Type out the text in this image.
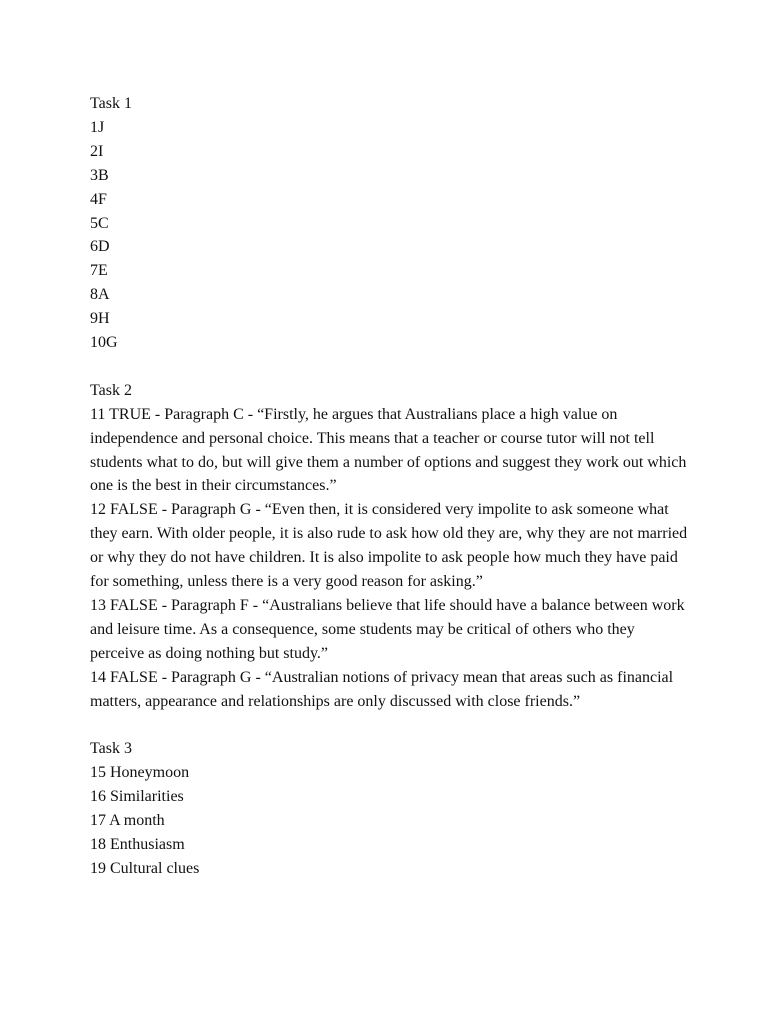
Task 1
1J
2I
3B
4F
5C
6D
7E
8A
9H
10G
Task 2

11 TRUE - Paragraph C - “Firstly, he argues that Australians place a high value on independence and personal choice. This means that a teacher or course tutor will not tell students what to do, but will give them a number of options and suggest they work out which one is the best in their circumstances.”

12 FALSE - Paragraph G - “Even then, it is considered very impolite to ask someone what they earn. With older people, it is also rude to ask how old they are, why they are not married or why they do not have children. It is also impolite to ask people how much they have paid for something, unless there is a very good reason for asking.”

13 FALSE - Paragraph F - “Australians believe that life should have a balance between work and leisure time. As a consequence, some students may be critical of others who they perceive as doing nothing but study.”

14 FALSE - Paragraph G - “Australian notions of privacy mean that areas such as financial matters, appearance and relationships are only discussed with close friends.”

Task 3
15 Honeymoon
16 Similarities
17 A month
18 Enthusiasm
19 Cultural clues
